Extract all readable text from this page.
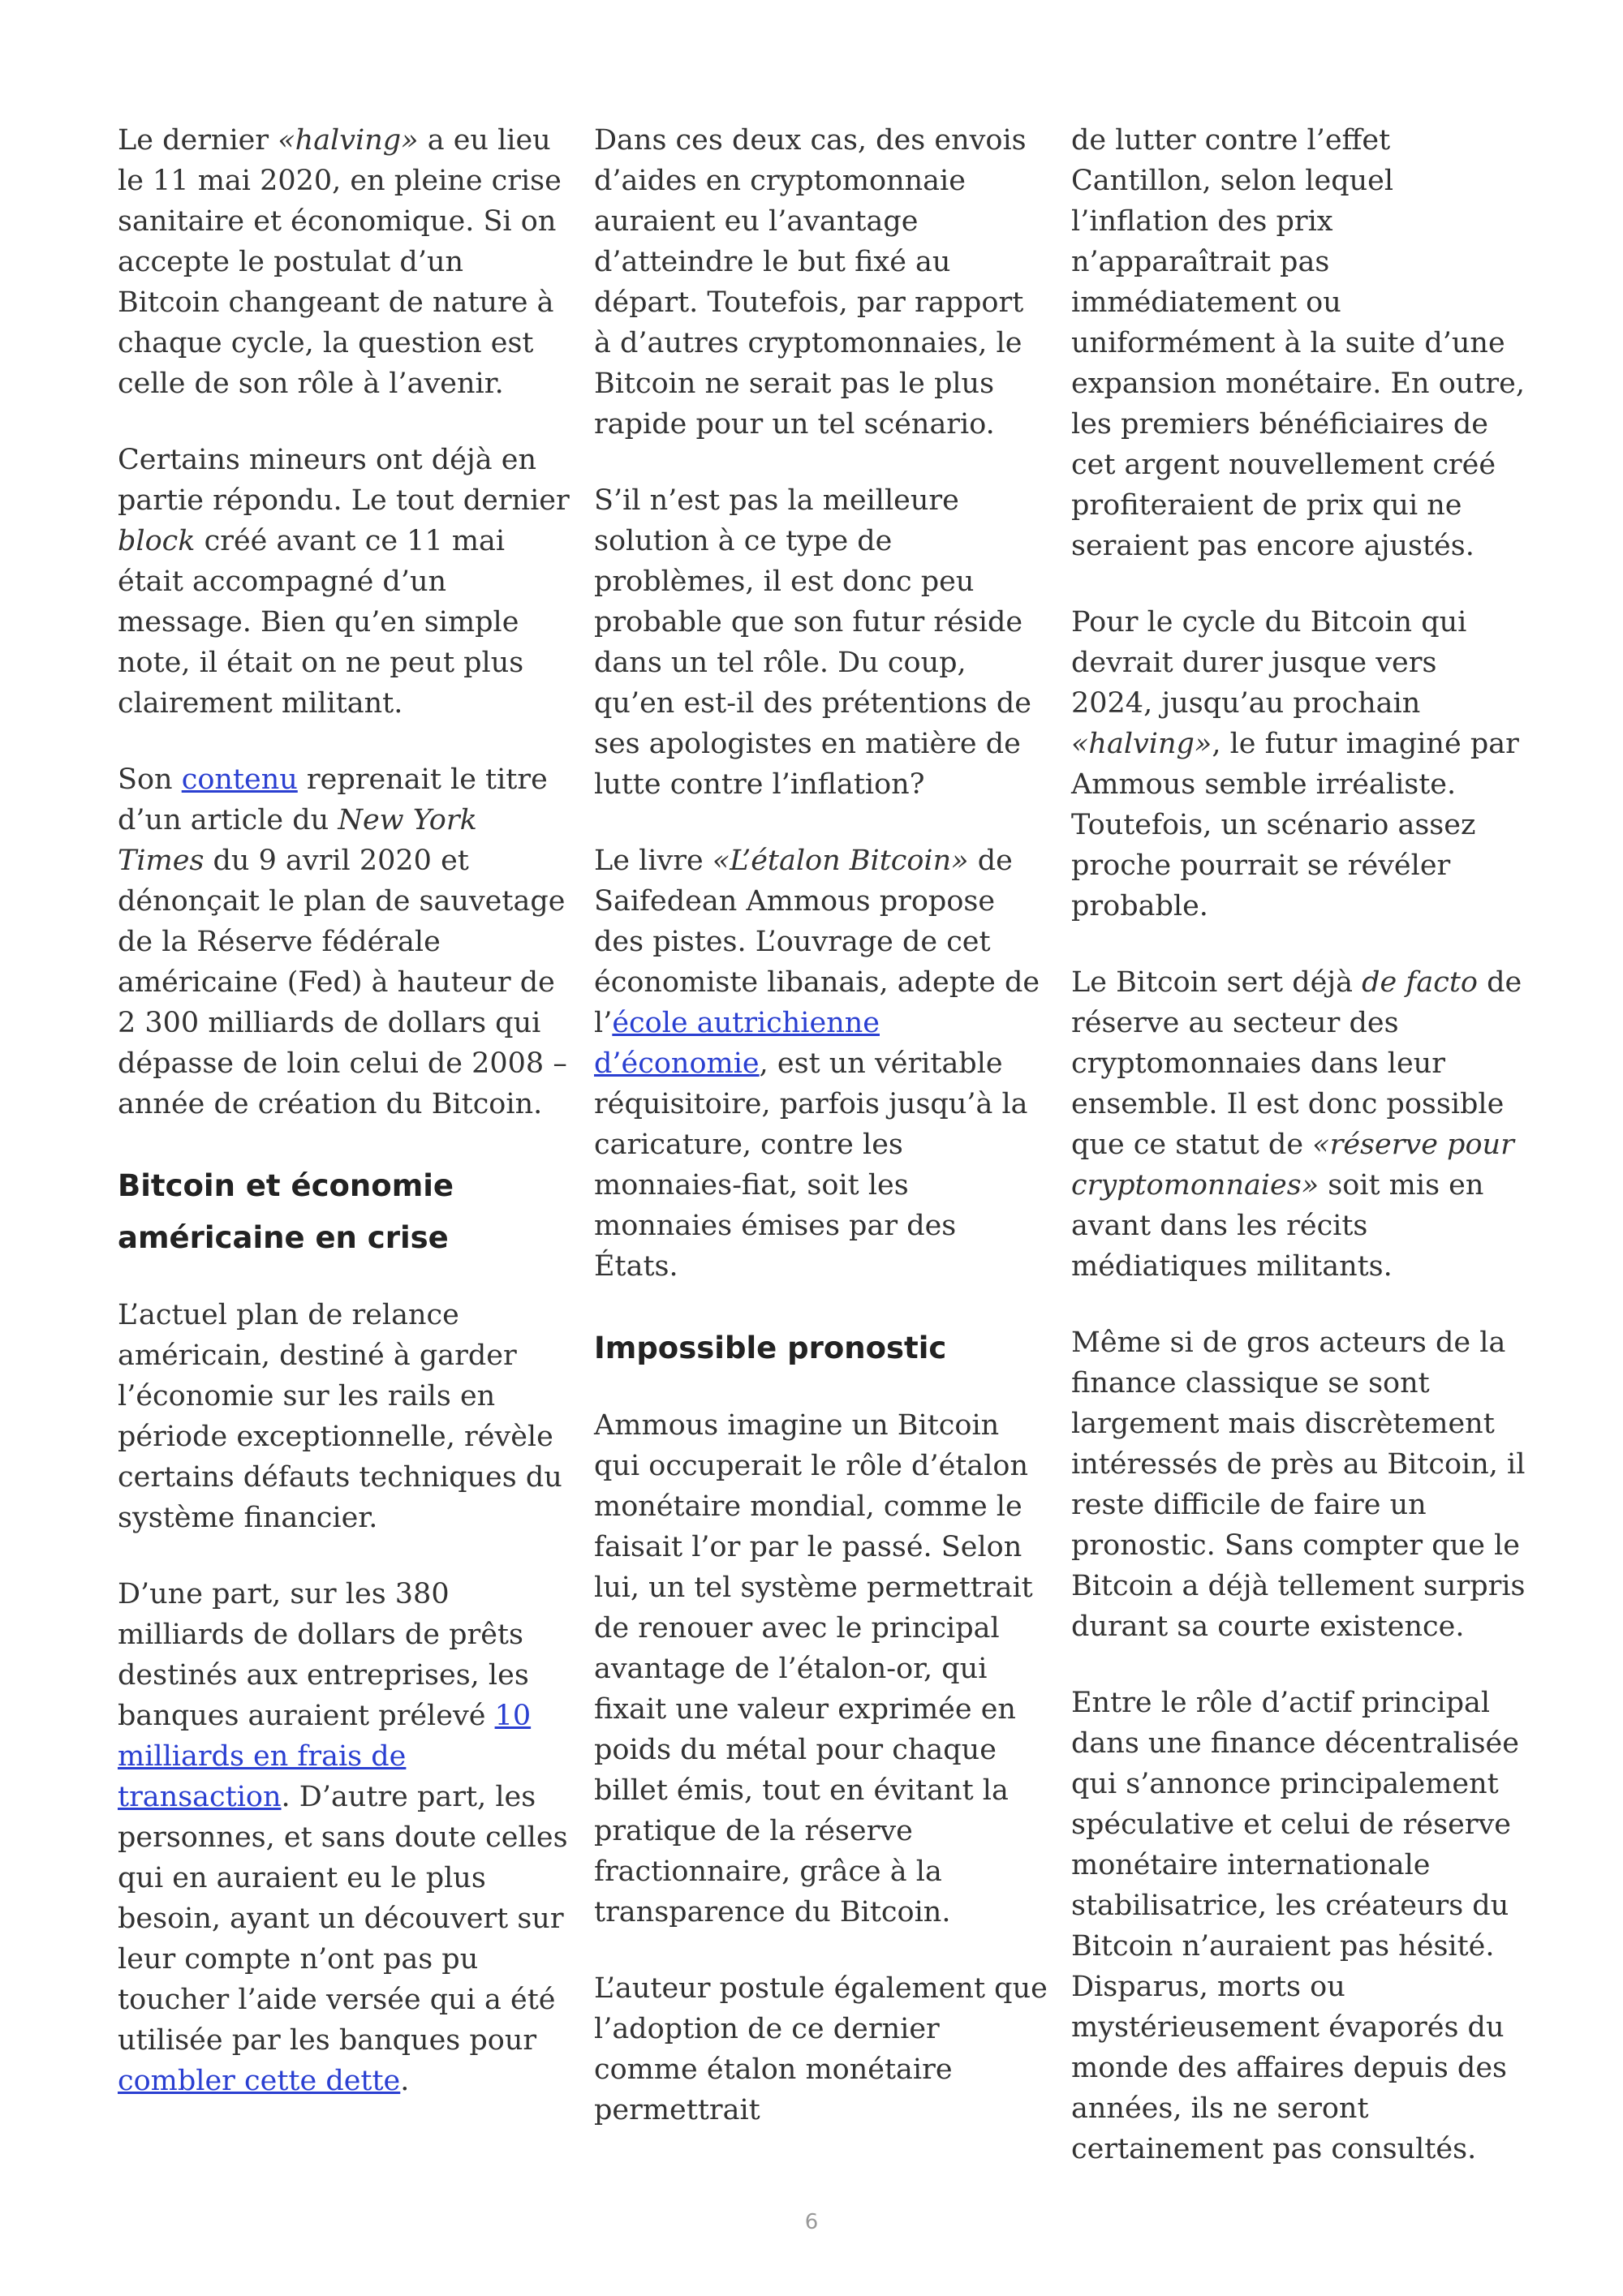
Le dernier «halving» a eu lieu le 11 mai 2020, en pleine crise sanitaire et économique. Si on accepte le postulat d’un Bitcoin changeant de nature à chaque cycle, la question est celle de son rôle à l’avenir.

Certains mineurs ont déjà en partie répondu. Le tout dernier block créé avant ce 11 mai était accompagné d’un message. Bien qu’en simple note, il était on ne peut plus clairement militant.

Son contenu reprenait le titre d’un article du New York Times du 9 avril 2020 et dénonçait le plan de sauvetage de la Réserve fédérale américaine (Fed) à hauteur de 2 300 milliards de dollars qui dépasse de loin celui de 2008 – année de création du Bitcoin.

Bitcoin et économie américaine en crise

L’actuel plan de relance américain, destiné à garder l’économie sur les rails en période exceptionnelle, révèle certains défauts techniques du système financier.

D’une part, sur les 380 milliards de dollars de prêts destinés aux entreprises, les banques auraient prélevé 10 milliards en frais de transaction. D’autre part, les personnes, et sans doute celles qui en auraient eu le plus besoin, ayant un découvert sur leur compte n’ont pas pu toucher l’aide versée qui a été utilisée par les banques pour combler cette dette.

Dans ces deux cas, des envois d’aides en cryptomonnaie auraient eu l’avantage d’atteindre le but fixé au départ. Toutefois, par rapport à d’autres cryptomonnaies, le Bitcoin ne serait pas le plus rapide pour un tel scénario.

S’il n’est pas la meilleure solution à ce type de problèmes, il est donc peu probable que son futur réside dans un tel rôle. Du coup, qu’en est-il des prétentions de ses apologistes en matière de lutte contre l’inflation?

Le livre «L’étalon Bitcoin» de Saifedean Ammous propose des pistes. L’ouvrage de cet économiste libanais, adepte de l’école autrichienne d’économie, est un véritable réquisitoire, parfois jusqu’à la caricature, contre les monnaies-fiat, soit les monnaies émises par des États.

Impossible pronostic

Ammous imagine un Bitcoin qui occuperait le rôle d’étalon monétaire mondial, comme le faisait l’or par le passé. Selon lui, un tel système permettrait de renouer avec le principal avantage de l’étalon-or, qui fixait une valeur exprimée en poids du métal pour chaque billet émis, tout en évitant la pratique de la réserve fractionnaire, grâce à la transparence du Bitcoin.

L’auteur postule également que l’adoption de ce dernier comme étalon monétaire permettrait

de lutter contre l’effet Cantillon, selon lequel l’inflation des prix n’apparaîtrait pas immédiatement ou uniformément à la suite d’une expansion monétaire. En outre, les premiers bénéficiaires de cet argent nouvellement créé profiteraient de prix qui ne seraient pas encore ajustés.

Pour le cycle du Bitcoin qui devrait durer jusque vers 2024, jusqu’au prochain «halving», le futur imaginé par Ammous semble irréaliste. Toutefois, un scénario assez proche pourrait se révéler probable.

Le Bitcoin sert déjà de facto de réserve au secteur des cryptomonnaies dans leur ensemble. Il est donc possible que ce statut de «réserve pour cryptomonnaies» soit mis en avant dans les récits médiatiques militants.

Même si de gros acteurs de la finance classique se sont largement mais discrètement intéressés de près au Bitcoin, il reste difficile de faire un pronostic. Sans compter que le Bitcoin a déjà tellement surpris durant sa courte existence.

Entre le rôle d’actif principal dans une finance décentralisée qui s’annonce principalement spéculative et celui de réserve monétaire internationale stabilisatrice, les créateurs du Bitcoin n’auraient pas hésité. Disparus, morts ou mystérieusement évaporés du monde des affaires depuis des années, ils ne seront certainement pas consultés.

6
